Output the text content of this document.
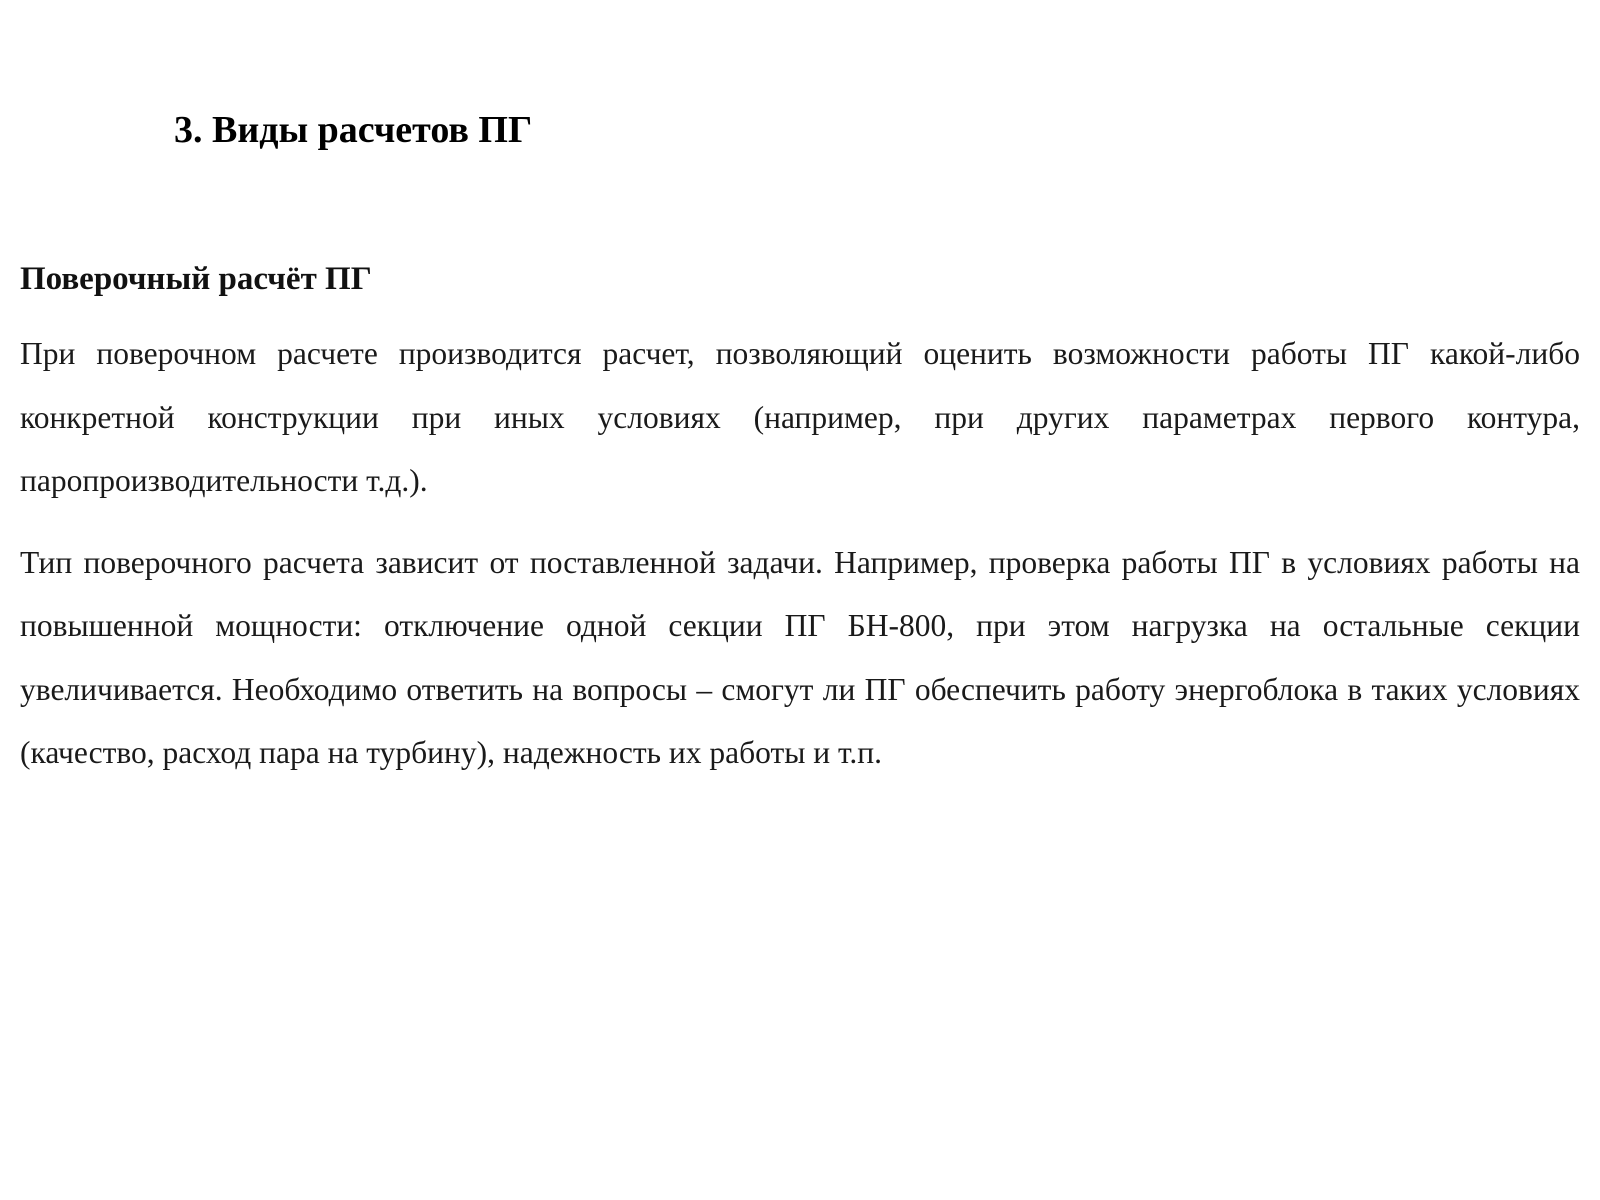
3. Виды расчетов ПГ
Поверочный расчёт ПГ

При поверочном расчете производится расчет, позволяющий оценить возможности работы ПГ какой-либо конкретной конструкции при иных условиях (например, при других параметрах первого контура, паропроизводительности т.д.).

Тип поверочного расчета зависит от поставленной задачи. Например, проверка работы ПГ в условиях работы на повышенной мощности: отключение одной секции ПГ БН-800, при этом нагрузка на остальные секции увеличивается. Необходимо ответить на вопросы – смогут ли ПГ обеспечить работу энергоблока в таких условиях (качество, расход пара на турбину), надежность их работы и т.п.
